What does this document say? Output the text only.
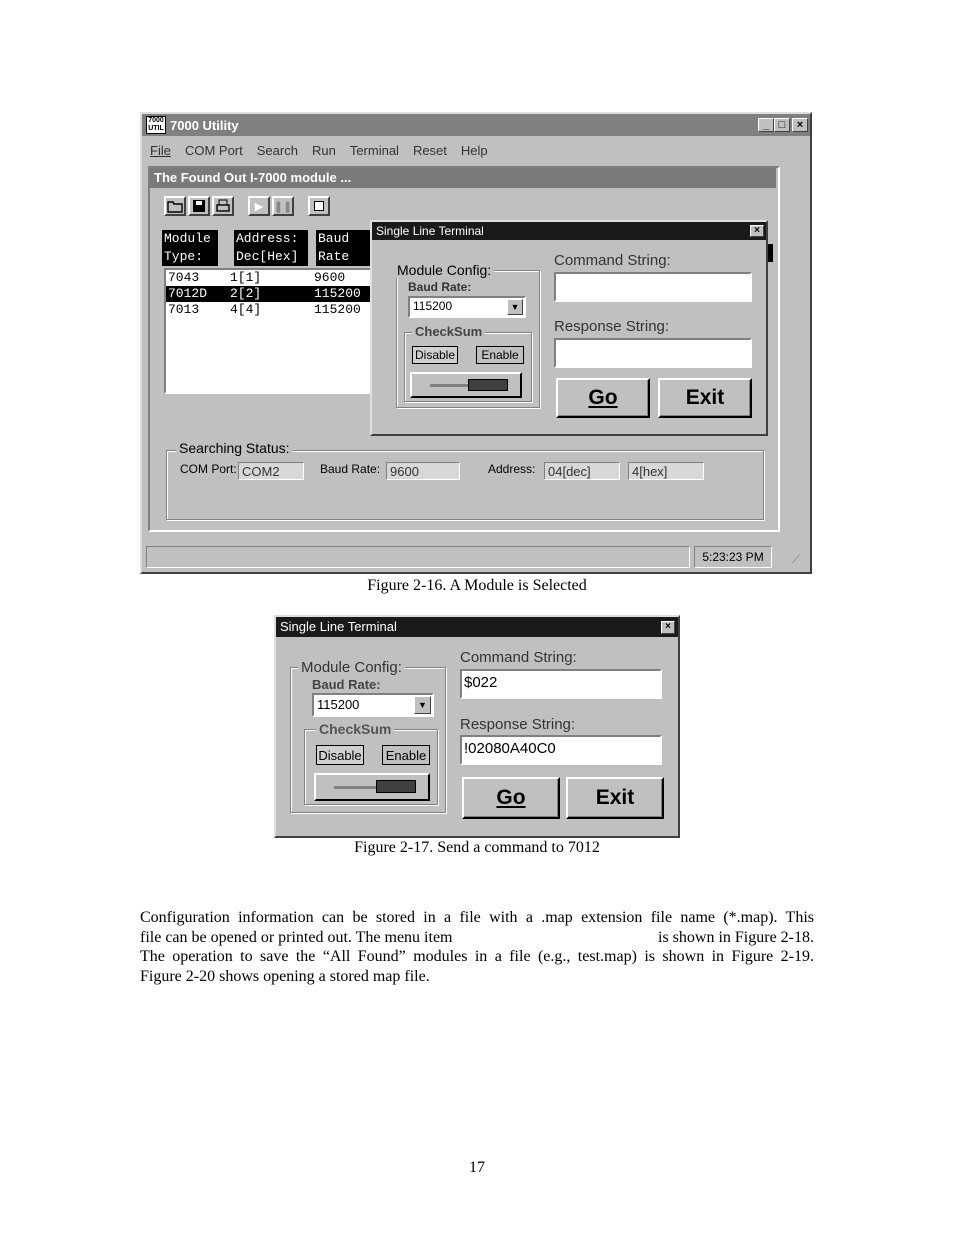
7000 UTIL 7000 Utility	_ □	×
File COM Port Search Run Terminal Reset Help
The Found Out I-7000 module ...
▶ ❚❚
Module Type:
Address: Dec[Hex]
Baud Rate
7043	1[1]	9600
7012D	2[2]	115200
7013	4[4]	115200
Searching Status:
COM Port: COM2	Baud Rate: 9600	Address: 04[dec]	4[hex]
5:23:23 PM ⟋
Single Line Terminal	×
Module Config:
Baud Rate:
115200	▼
CheckSum
Disable	Enable
Command String:
Response String:
Go	Exit
Figure 2-16. A Module is Selected
Single Line Terminal	×
Module Config:
Baud Rate:
115200	▼
CheckSum
Disable Enable
Command String:
$022
Response String:
!02080A40C0
Go	Exit
Figure 2-17. Send a command to 7012
Configuration information can be stored in a file with a .map extension file name (*.map). This
file can be opened or printed out. The menu item	is shown in Figure 2-18.
The operation to save the “All Found” modules in a file (e.g., test.map) is shown in Figure 2-19.
Figure 2-20 shows opening a stored map file.
17
